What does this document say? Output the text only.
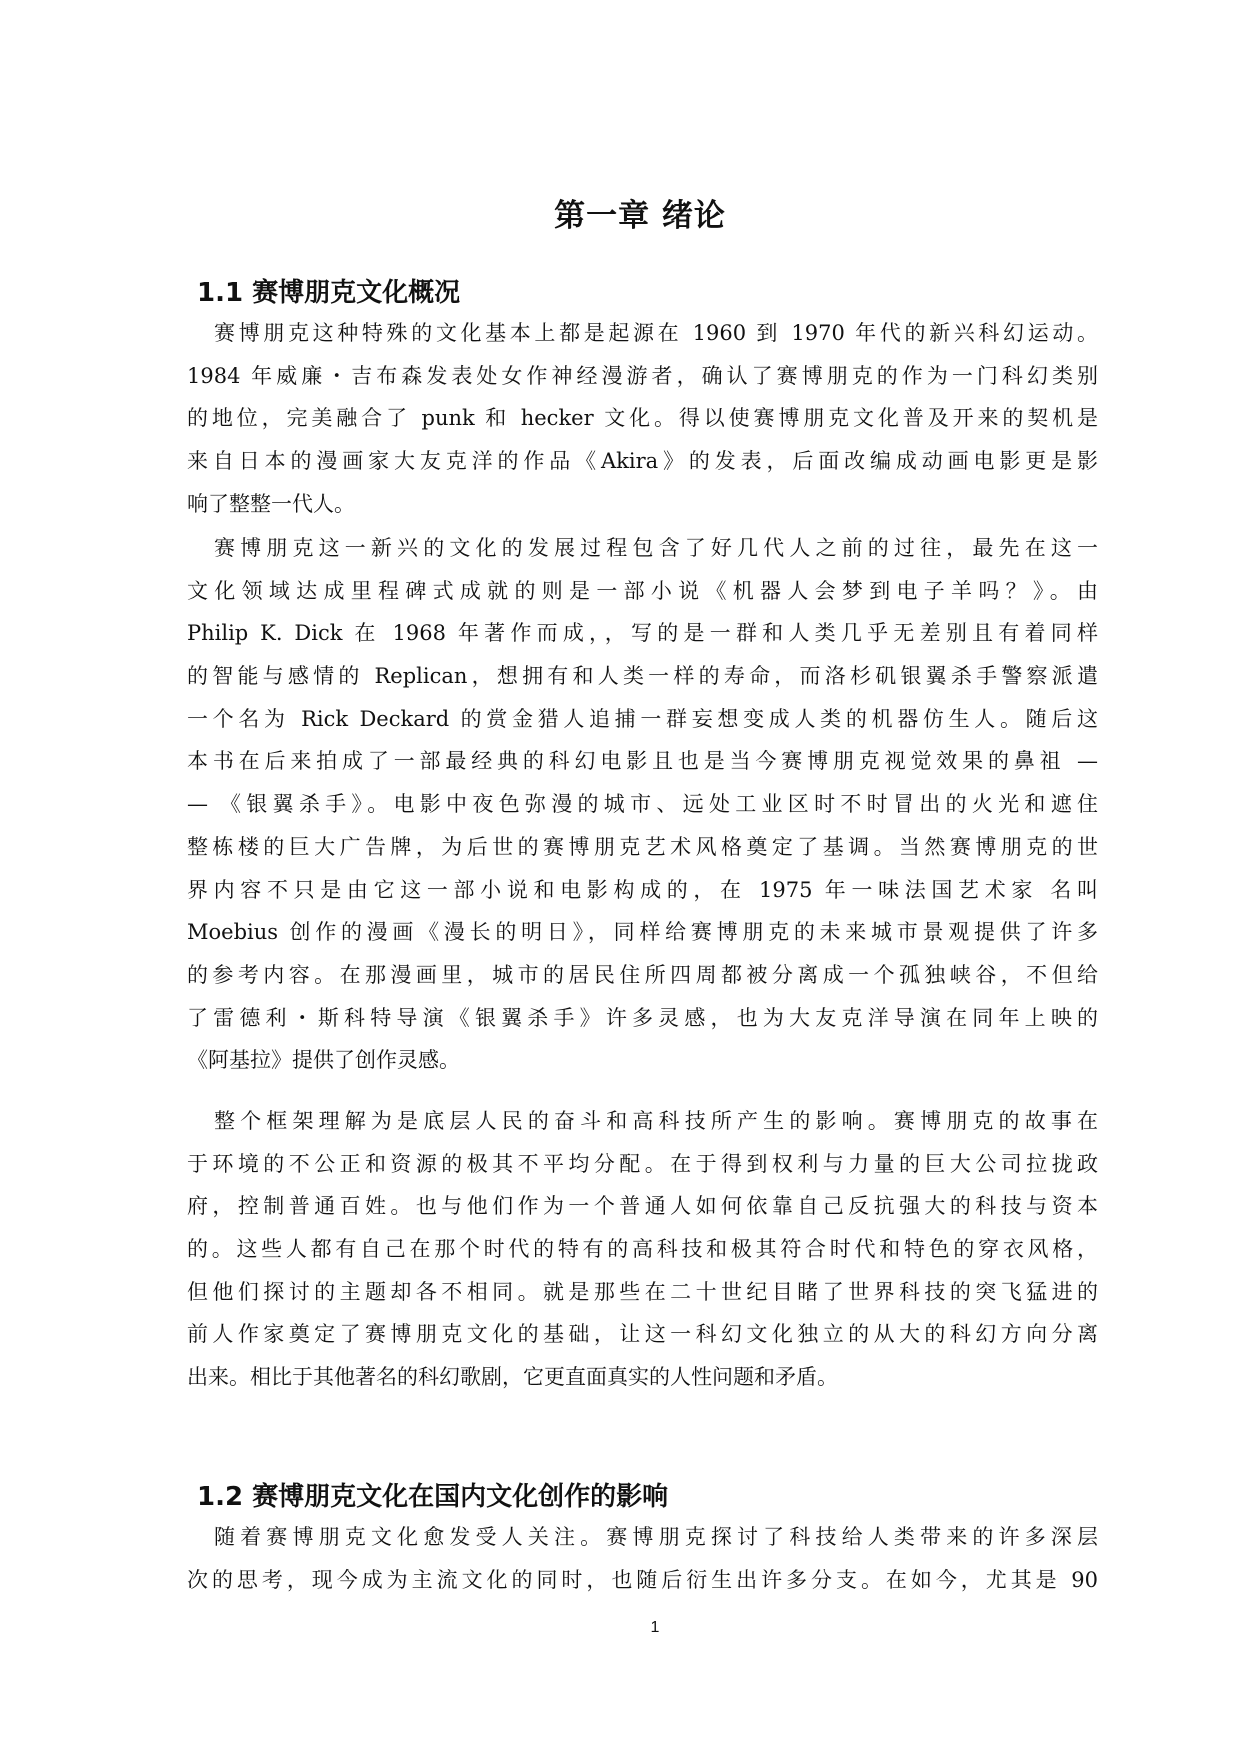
第一章 绪论
1.1 赛博朋克文化概况
赛博朋克这种特殊的文化基本上都是起源在 1960 到 1970 年代的新兴科幻运动。
1984 年威廉・吉布森发表处女作神经漫游者，确认了赛博朋克的作为一门科幻类别
的地位，完美融合了 punk 和 hecker 文化。得以使赛博朋克文化普及开来的契机是
来自日本的漫画家大友克洋的作品《Akira》的发表，后面改编成动画电影更是影
响了整整一代人。
赛博朋克这一新兴的文化的发展过程包含了好几代人之前的过往，最先在这一
文化领域达成里程碑式成就的则是一部小说《机器人会梦到电子羊吗？》。由
Philip K. Dick 在 1968 年著作而成，，写的是一群和人类几乎无差别且有着同样
的智能与感情的 Replican，想拥有和人类一样的寿命，而洛杉矶银翼杀手警察派遣
一个名为 Rick Deckard 的赏金猎人追捕一群妄想变成人类的机器仿生人。随后这
本书在后来拍成了一部最经典的科幻电影且也是当今赛博朋克视觉效果的鼻祖 —
— 《银翼杀手》。电影中夜色弥漫的城市、远处工业区时不时冒出的火光和遮住
整栋楼的巨大广告牌，为后世的赛博朋克艺术风格奠定了基调。当然赛博朋克的世
界内容不只是由它这一部小说和电影构成的，在 1975 年一味法国艺术家 名叫
Moebius 创作的漫画《漫长的明日》，同样给赛博朋克的未来城市景观提供了许多
的参考内容。在那漫画里，城市的居民住所四周都被分离成一个孤独峡谷，不但给
了雷德利・斯科特导演《银翼杀手》许多灵感，也为大友克洋导演在同年上映的
《阿基拉》提供了创作灵感。
整个框架理解为是底层人民的奋斗和高科技所产生的影响。赛博朋克的故事在
于环境的不公正和资源的极其不平均分配。在于得到权利与力量的巨大公司拉拢政
府，控制普通百姓。也与他们作为一个普通人如何依靠自己反抗强大的科技与资本
的。这些人都有自己在那个时代的特有的高科技和极其符合时代和特色的穿衣风格，
但他们探讨的主题却各不相同。就是那些在二十世纪目睹了世界科技的突飞猛进的
前人作家奠定了赛博朋克文化的基础，让这一科幻文化独立的从大的科幻方向分离
出来。相比于其他著名的科幻歌剧，它更直面真实的人性问题和矛盾。
1.2 赛博朋克文化在国内文化创作的影响
随着赛博朋克文化愈发受人关注。赛博朋克探讨了科技给人类带来的许多深层
次的思考，现今成为主流文化的同时，也随后衍生出许多分支。在如今，尤其是 90
1
